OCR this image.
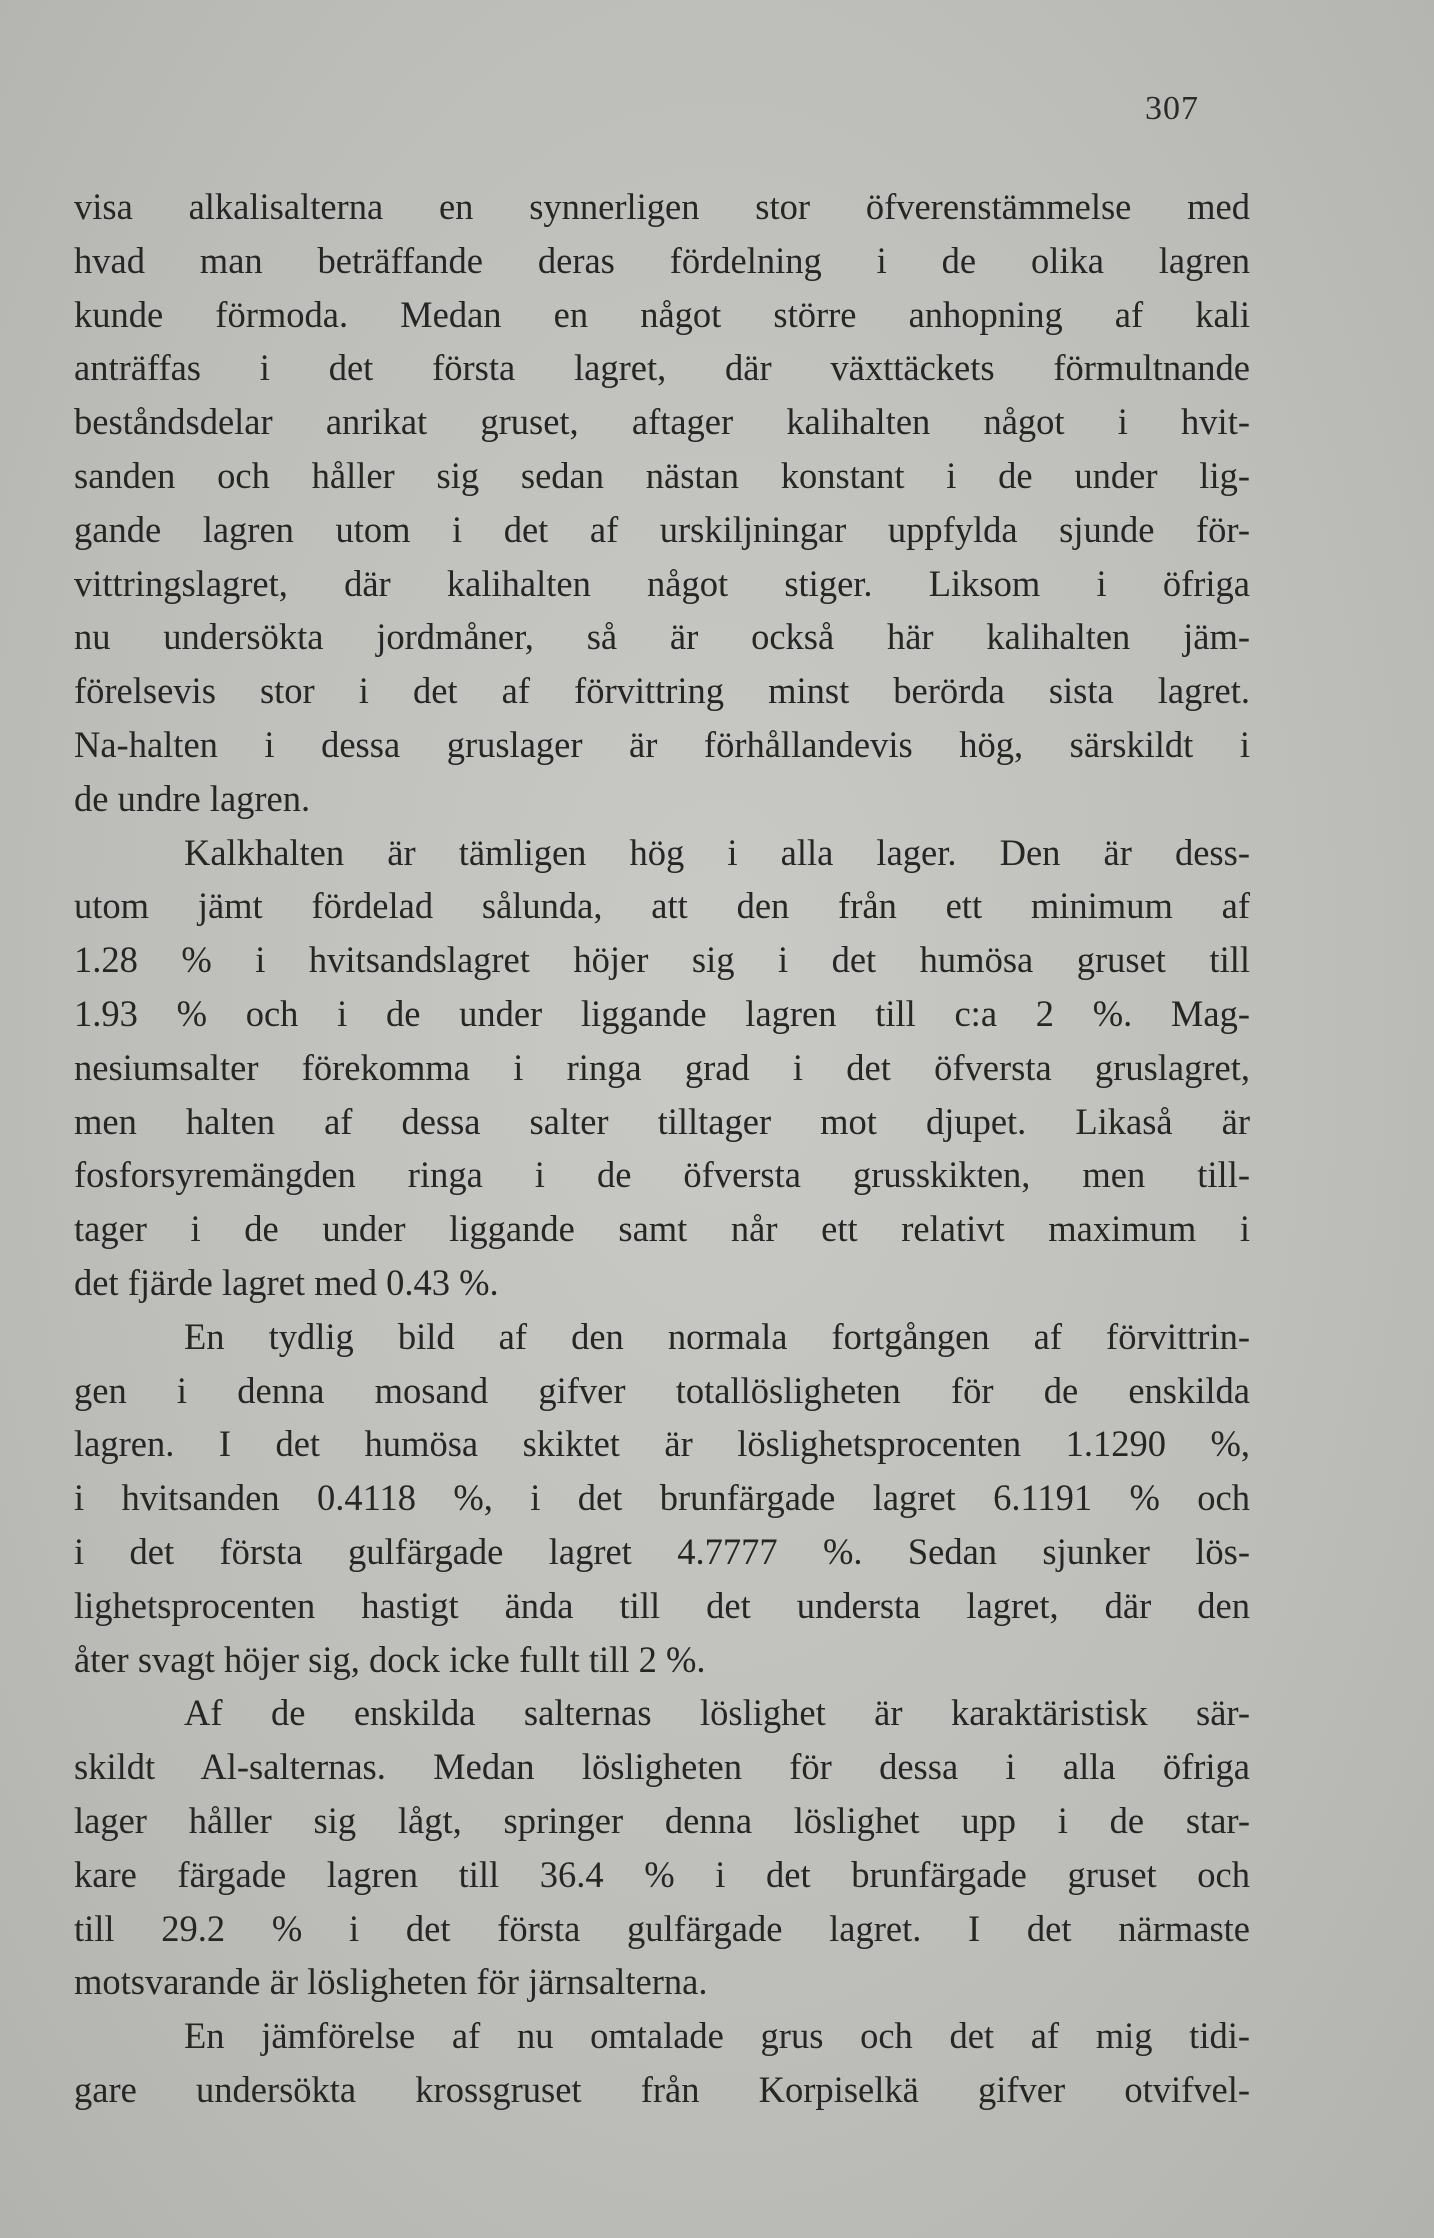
307
visa alkalisalterna en synnerligen stor öfverenstämmelse med
hvad man beträffande deras fördelning i de olika lagren
kunde förmoda. Medan en något större anhopning af kali
anträffas i det första lagret, där växttäckets förmultnande
beståndsdelar anrikat gruset, aftager kalihalten något i hvit-
sanden och håller sig sedan nästan konstant i de under lig-
gande lagren utom i det af urskiljningar uppfylda sjunde för-
vittringslagret, där kalihalten något stiger. Liksom i öfriga
nu undersökta jordmåner, så är också här kalihalten jäm-
förelsevis stor i det af förvittring minst berörda sista lagret.
Na-halten i dessa gruslager är förhållandevis hög, särskildt i
de undre lagren.
Kalkhalten är tämligen hög i alla lager. Den är dess-
utom jämt fördelad sålunda, att den från ett minimum af
1.28 % i hvitsandslagret höjer sig i det humösa gruset till
1.93 % och i de under liggande lagren till c:a 2 %. Mag-
nesiumsalter förekomma i ringa grad i det öfversta gruslagret,
men halten af dessa salter tilltager mot djupet. Likaså är
fosforsyremängden ringa i de öfversta grusskikten, men till-
tager i de under liggande samt når ett relativt maximum i
det fjärde lagret med 0.43 %.
En tydlig bild af den normala fortgången af förvittrin-
gen i denna mosand gifver totallösligheten för de enskilda
lagren. I det humösa skiktet är löslighetsprocenten 1.1290 %,
i hvitsanden 0.4118 %, i det brunfärgade lagret 6.1191 % och
i det första gulfärgade lagret 4.7777 %. Sedan sjunker lös-
lighetsprocenten hastigt ända till det understa lagret, där den
åter svagt höjer sig, dock icke fullt till 2 %.
Af de enskilda salternas löslighet är karaktäristisk sär-
skildt Al-salternas. Medan lösligheten för dessa i alla öfriga
lager håller sig lågt, springer denna löslighet upp i de star-
kare färgade lagren till 36.4 % i det brunfärgade gruset och
till 29.2 % i det första gulfärgade lagret. I det närmaste
motsvarande är lösligheten för järnsalterna.
En jämförelse af nu omtalade grus och det af mig tidi-
gare undersökta krossgruset från Korpiselkä gifver otvifvel-
